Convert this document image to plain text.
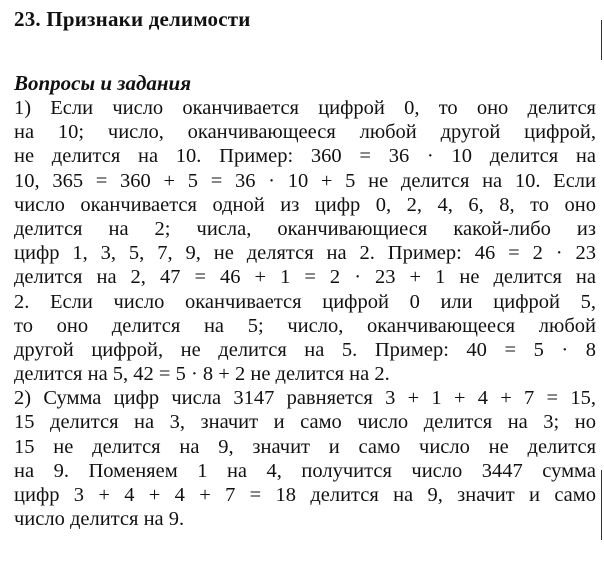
23. Признаки делимости
Вопросы и задания
1) Если число оканчивается цифрой 0, то оно делится
на 10; число, оканчивающееся любой другой цифрой,
не делится на 10. Пример: 360 = 36 · 10 делится на
10, 365 = 360 + 5 = 36 · 10 + 5 не делится на 10. Если
число оканчивается одной из цифр 0, 2, 4, 6, 8, то оно
делится на 2; числа, оканчивающиеся какой-либо из
цифр 1, 3, 5, 7, 9, не делятся на 2. Пример: 46 = 2 · 23
делится на 2, 47 = 46 + 1 = 2 · 23 + 1 не делится на
2. Если число оканчивается цифрой 0 или цифрой 5,
то оно делится на 5; число, оканчивающееся любой
другой цифрой, не делится на 5. Пример: 40 = 5 · 8
делится на 5, 42 = 5 · 8 + 2 не делится на 2.
2) Сумма цифр числа 3147 равняется 3 + 1 + 4 + 7 = 15,
15 делится на 3, значит и само число делится на 3; но
15 не делится на 9, значит и само число не делится
на 9. Поменяем 1 на 4, получится число 3447 сумма
цифр 3 + 4 + 4 + 7 = 18 делится на 9, значит и само
число делится на 9.
